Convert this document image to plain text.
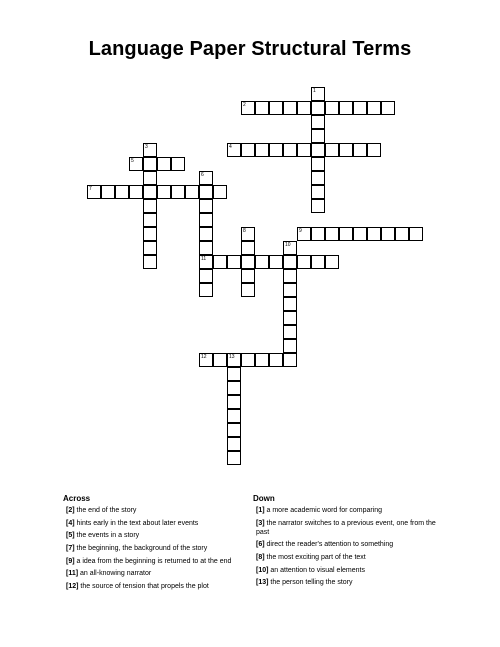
Language Paper Structural Terms
1
2
3	4
5
6
11
7
8	9
10
12	13
Across	Down
[2] the end of the story
[4] hints early in the text about later events
[5] the events in a story
[7] the beginning, the background of the story
[9] a idea from the beginning is returned to at the end
[11] an all-knowing narrator
[12] the source of tension that propels the plot
[1] a more academic word for comparing
[3] the narrator switches to a previous event, one from the past
[6] direct the reader's attention to something
[8] the most exciting part of the text
[10] an attention to visual elements
[13] the person telling the story
